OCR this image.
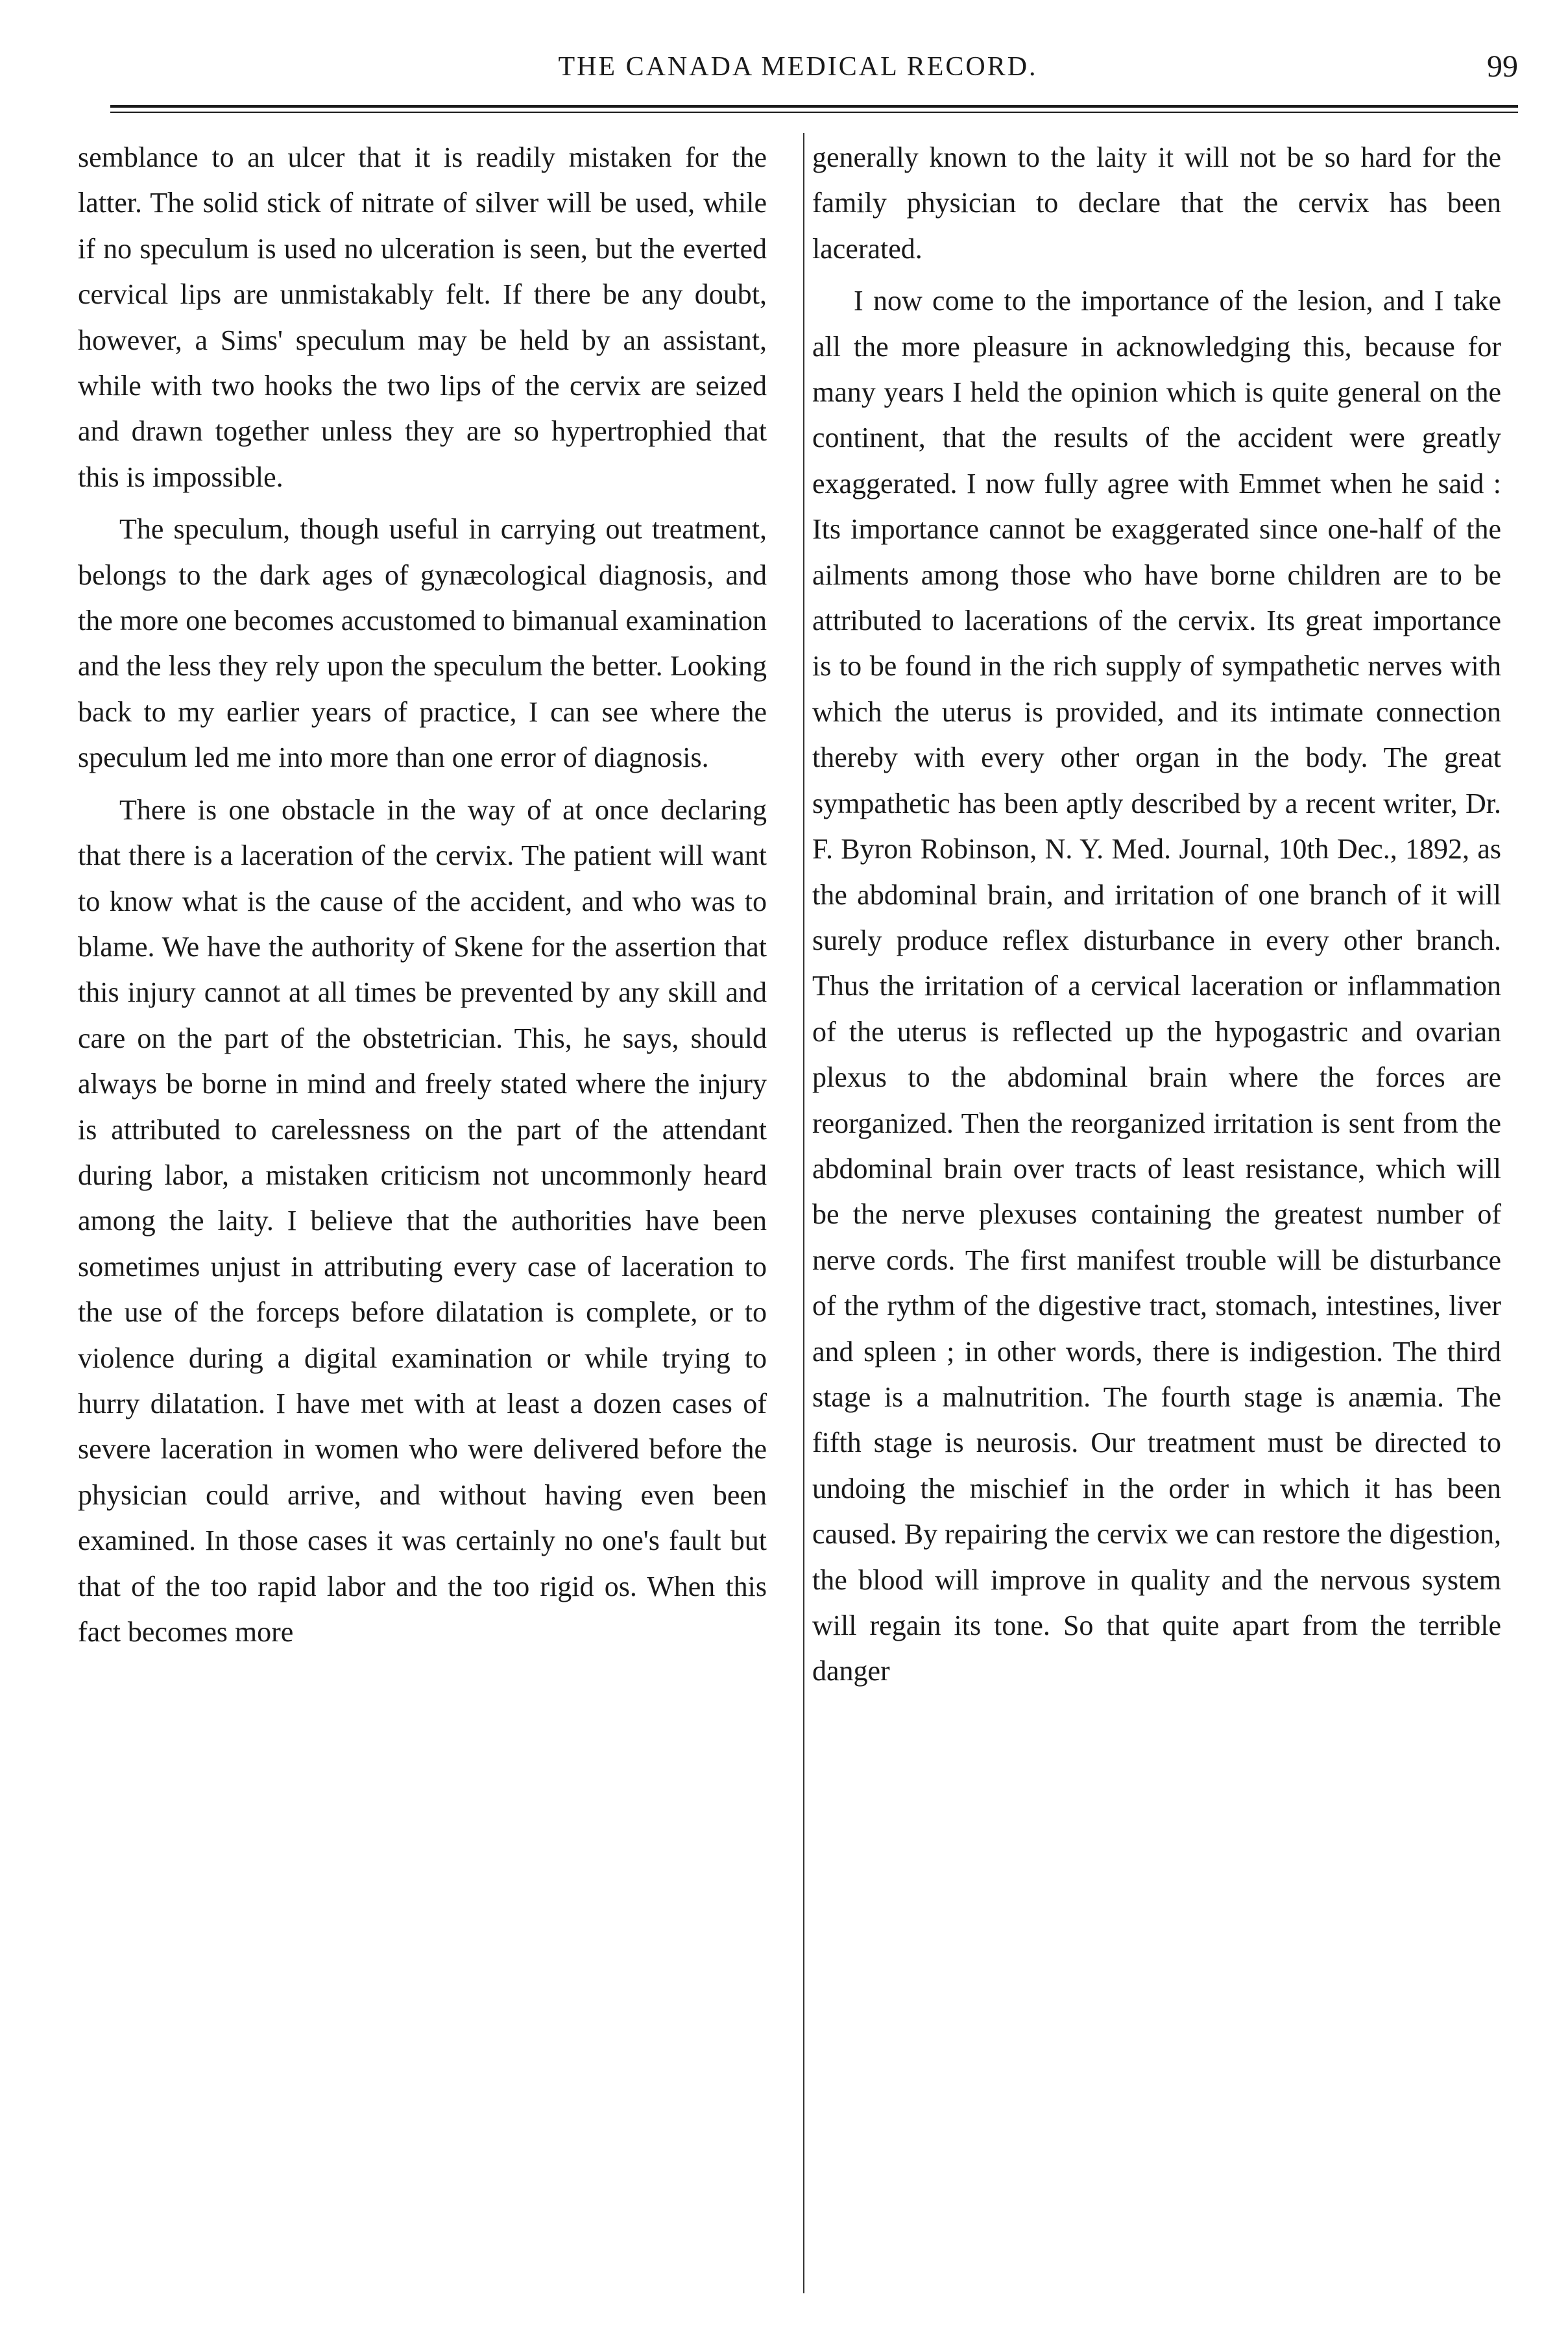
THE CANADA MEDICAL RECORD.	99

semblance to an ulcer that it is readily mistaken for the latter. The solid stick of nitrate of silver will be used, while if no speculum is used no ulceration is seen, but the everted cervical lips are unmistakably felt. If there be any doubt, however, a Sims' speculum may be held by an assistant, while with two hooks the two lips of the cervix are seized and drawn together unless they are so hypertrophied that this is impossible.

The speculum, though useful in carrying out treatment, belongs to the dark ages of gynæcological diagnosis, and the more one becomes accustomed to bimanual examination and the less they rely upon the speculum the better. Looking back to my earlier years of practice, I can see where the speculum led me into more than one error of diagnosis.

There is one obstacle in the way of at once declaring that there is a laceration of the cervix. The patient will want to know what is the cause of the accident, and who was to blame. We have the authority of Skene for the assertion that this injury cannot at all times be prevented by any skill and care on the part of the obstetrician. This, he says, should always be borne in mind and freely stated where the injury is attributed to carelessness on the part of the attendant during labor, a mistaken criticism not uncommonly heard among the laity. I believe that the authorities have been sometimes unjust in attributing every case of laceration to the use of the forceps before dilatation is complete, or to violence during a digital examination or while trying to hurry dilatation. I have met with at least a dozen cases of severe laceration in women who were delivered before the physician could arrive, and without having even been examined. In those cases it was certainly no one's fault but that of the too rapid labor and the too rigid os. When this fact becomes more

generally known to the laity it will not be so hard for the family physician to declare that the cervix has been lacerated.

I now come to the importance of the lesion, and I take all the more pleasure in acknowledging this, because for many years I held the opinion which is quite general on the continent, that the results of the accident were greatly exaggerated. I now fully agree with Emmet when he said : Its importance cannot be exaggerated since one-half of the ailments among those who have borne children are to be attributed to lacerations of the cervix. Its great importance is to be found in the rich supply of sympathetic nerves with which the uterus is provided, and its intimate connection thereby with every other organ in the body. The great sympathetic has been aptly described by a recent writer, Dr. F. Byron Robinson, N. Y. Med. Journal, 10th Dec., 1892, as the abdominal brain, and irritation of one branch of it will surely produce reflex disturbance in every other branch. Thus the irritation of a cervical laceration or inflammation of the uterus is reflected up the hypogastric and ovarian plexus to the abdominal brain where the forces are reorganized. Then the reorganized irritation is sent from the abdominal brain over tracts of least resistance, which will be the nerve plexuses containing the greatest number of nerve cords. The first manifest trouble will be disturbance of the rythm of the digestive tract, stomach, intestines, liver and spleen ; in other words, there is indigestion. The third stage is a malnutrition. The fourth stage is anæmia. The fifth stage is neurosis. Our treatment must be directed to undoing the mischief in the order in which it has been caused. By repairing the cervix we can restore the digestion, the blood will improve in quality and the nervous system will regain its tone. So that quite apart from the terrible danger
